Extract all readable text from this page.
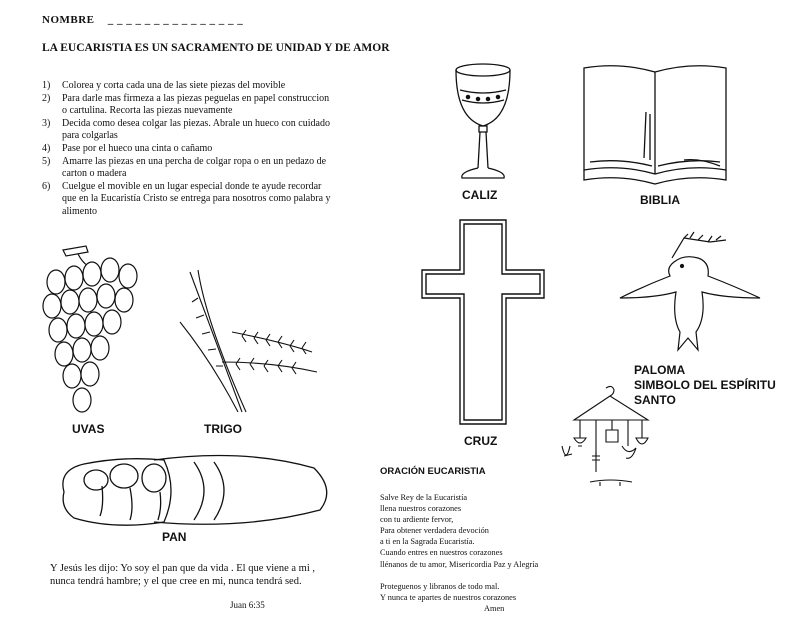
NOMBRE _ _ _ _ _ _ _ _ _ _ _ _ _ _ _
LA EUCARISTIA ES UN SACRAMENTO DE UNIDAD Y DE AMOR
1) Colorea y corta cada una de las siete piezas del movible
2) Para darle mas firmeza a las piezas peguelas en papel construccion o cartulina. Recorta las piezas nuevamente
3) Decida como desea colgar las piezas. Abrale un hueco con cuidado para colgarlas
4) Pase por el hueco una cinta o cañamo
5) Amarre las piezas en una percha de colgar ropa o en un pedazo de carton o madera
6) Cuelgue el movible en un lugar especial donde te ayude recordar que en la Eucaristía Cristo se entrega para nosotros como palabra y alimento
CALIZ	BIBLIA
UVAS	TRIGO
CRUZ
PALOMA
SIMBOLO DEL ESPÍRITU
SANTO
PAN
Y Jesús les dijo: Yo soy el pan que da vida . El que viene a mi ,
nunca tendrá hambre; y el que cree en mi, nunca tendrá sed.
Juan 6:35
ORACIÓN EUCARISTIA
Salve Rey de la Eucaristía
llena nuestros corazones
con tu ardiente fervor,
Para obtener verdadera devoción
a ti en la Sagrada Eucaristía.
Cuando entres en nuestros corazones
llénanos de tu amor, Misericordia Paz y Alegría
Proteguenos y libranos de todo mal.
Y nunca te apartes de nuestros corazones
Amen
